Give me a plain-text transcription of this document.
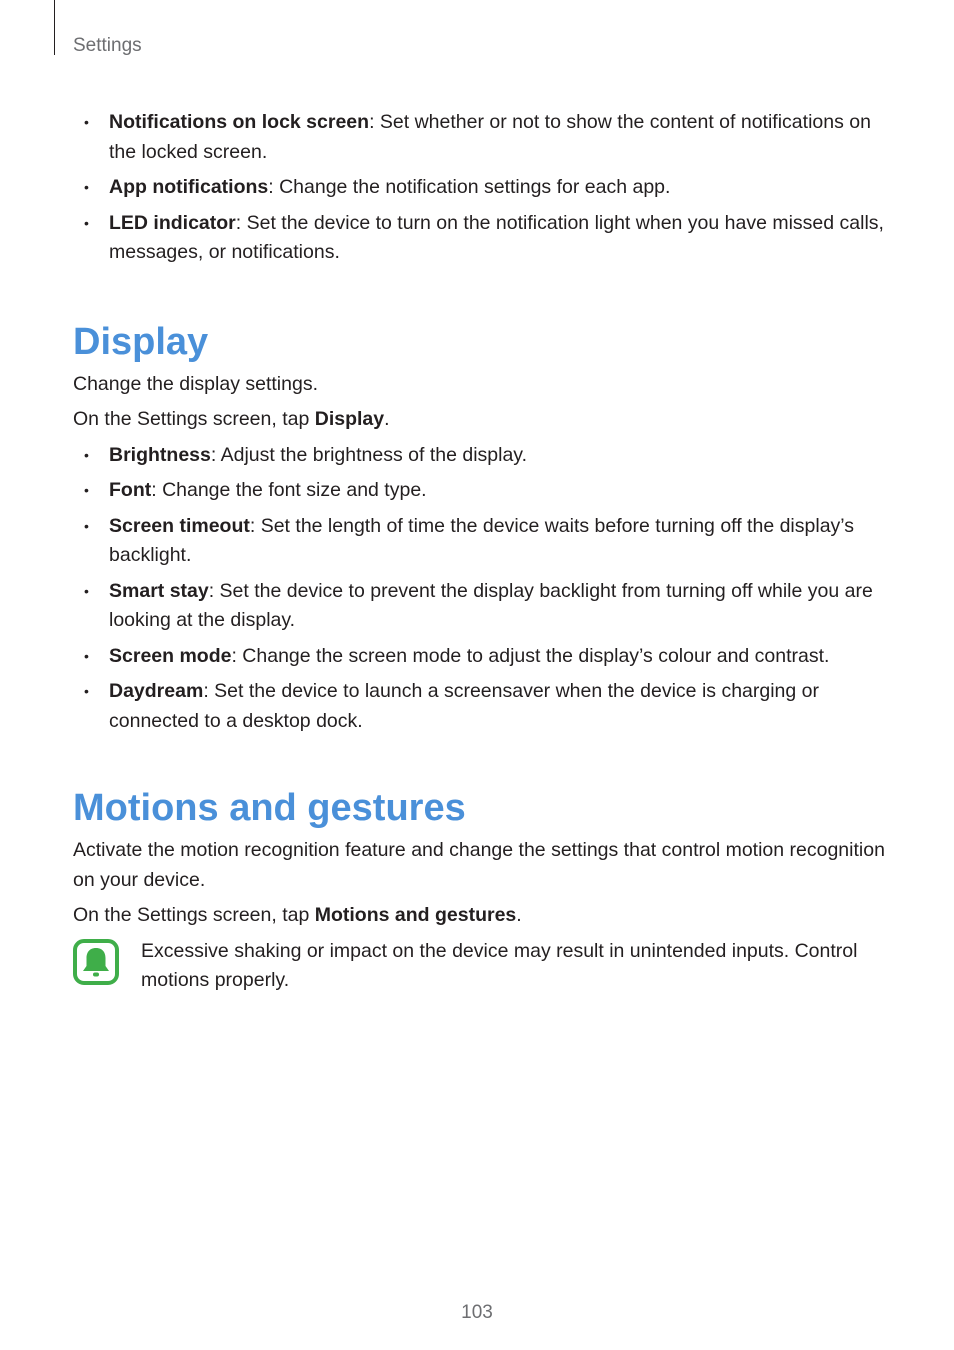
Settings
• Notifications on lock screen: Set whether or not to show the content of notifications on the locked screen.
• App notifications: Change the notification settings for each app.
• LED indicator: Set the device to turn on the notification light when you have missed calls, messages, or notifications.
Display

Change the display settings.

On the Settings screen, tap Display.

• Brightness: Adjust the brightness of the display.
• Font: Change the font size and type.
• Screen timeout: Set the length of time the device waits before turning off the display’s backlight.
• Smart stay: Set the device to prevent the display backlight from turning off while you are looking at the display.
• Screen mode: Change the screen mode to adjust the display’s colour and contrast.
• Daydream: Set the device to launch a screensaver when the device is charging or connected to a desktop dock.
Motions and gestures

Activate the motion recognition feature and change the settings that control motion recognition on your device.

On the Settings screen, tap Motions and gestures.

Excessive shaking or impact on the device may result in unintended inputs. Control motions properly.
103
